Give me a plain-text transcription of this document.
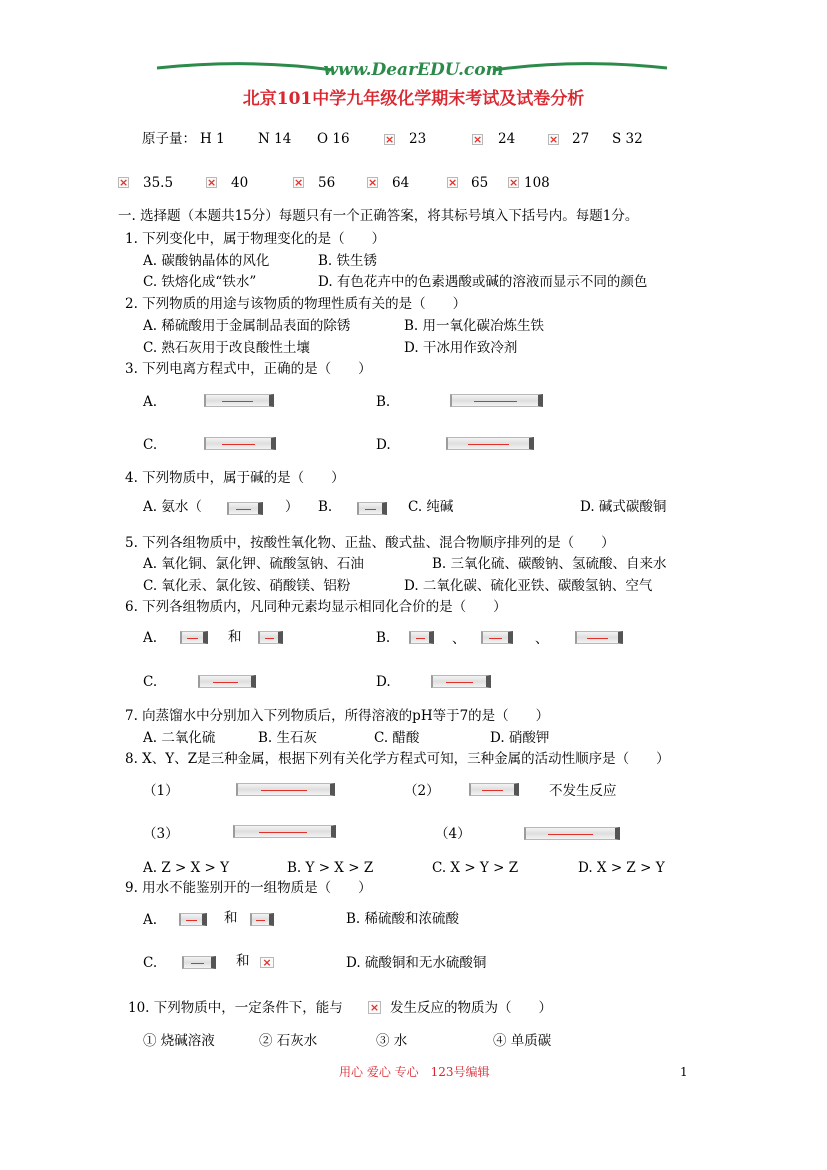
www.DearEDU.com
北京101中学九年级化学期末考试及试卷分析
原子量： H 1 N 14 O 16 ×	23 ×	24 ×	27 S 32
×
35.5 ×	40 ×	56 ×	64 ×	65 ×	108
一. 选择题（本题共15分）每题只有一个正确答案，将其标号填入下括号内。每题1分。
1. 下列变化中，属于物理变化的是（　　）
A. 碳酸钠晶体的风化	B. 铁生锈
C. 铁熔化成“铁水”	D. 有色花卉中的色素遇酸或碱的溶液而显示不同的颜色
2. 下列物质的用途与该物质的物理性质有关的是（　　）
A. 稀硫酸用于金属制品表面的除锈	B. 用一氧化碳冶炼生铁
C. 熟石灰用于改良酸性土壤	D. 干冰用作致冷剂
3. 下列电离方程式中，正确的是（　　）
A.	B.
C.	D.
4. 下列物质中，属于碱的是（　　）
A. 氨水（	） B.	C. 纯碱	D. 碱式碳酸铜
5. 下列各组物质中，按酸性氧化物、正盐、酸式盐、混合物顺序排列的是（　　）
A. 氧化铜、氯化钾、硫酸氢钠、石油	B. 三氧化硫、碳酸钠、氢硫酸、自来水
C. 氧化汞、氯化铵、硝酸镁、铝粉	D. 二氧化碳、硫化亚铁、碳酸氢钠、空气
6. 下列各组物质内，凡同种元素均显示相同化合价的是（　　）
A.	和	B.	、	、
C.	D.
7. 向蒸馏水中分别加入下列物质后，所得溶液的pH等于7的是（　　）
A. 二氧化硫	B. 生石灰	C. 醋酸	D. 硝酸钾
8. X、Y、Z是三种金属，根据下列有关化学方程式可知，三种金属的活动性顺序是（　　）
（1）	（2）	不发生反应
（3）	（4）
A. Z > X > Y	B. Y > X > Z	C. X > Y > Z	D. X > Z > Y
9. 用水不能鉴别开的一组物质是（　　）
A.	和	B. 稀硫酸和浓硫酸
C.	和 ×	D. 硫酸铜和无水硫酸铜
10. 下列物质中，一定条件下，能与 ×	发生反应的物质为（　　）
① 烧碱溶液	② 石灰水	③ 水	④ 单质碳
用心 爱心 专心　123号编辑	1
